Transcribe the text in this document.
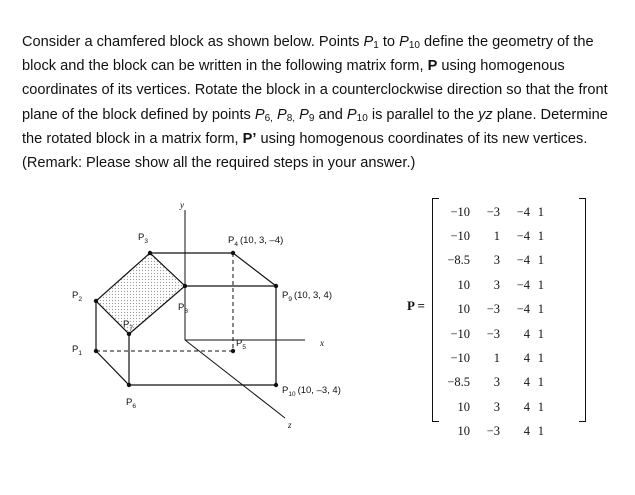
Consider a chamfered block as shown below. Points $P_1$ to $P_{10}$ define the geometry of the block and the block can be written in the following matrix form, P using homogenous coordinates of its vertices. Rotate the block in a counterclockwise direction so that the front plane of the block defined by points $P_{6,}$ $P_{8,}$ $P_9$ and $P_{10}$ is parallel to the yz plane. Determine the rotated block in a matrix form, P’ using homogenous coordinates of its new vertices. (Remark: Please show all the required steps in your answer.)
y
x
z
$P_3$	$P_4$ (10, 3, –4)
$P_2$
$P_8$
$P_9$ (10, 3, 4)
$P_7$
$P_5$
$P_1$
$P_{10}$ (10, –3, 4)
$P_6$
P =
−10	−3	−4	1
−10	1	−4	1
−8.5	3	−4	1
10	3	−4	1
10	−3	−4	1
−10	−3	4	1
−10	1	4	1
−8.5	3	4	1
10	3	4	1
10	−3	4	1
